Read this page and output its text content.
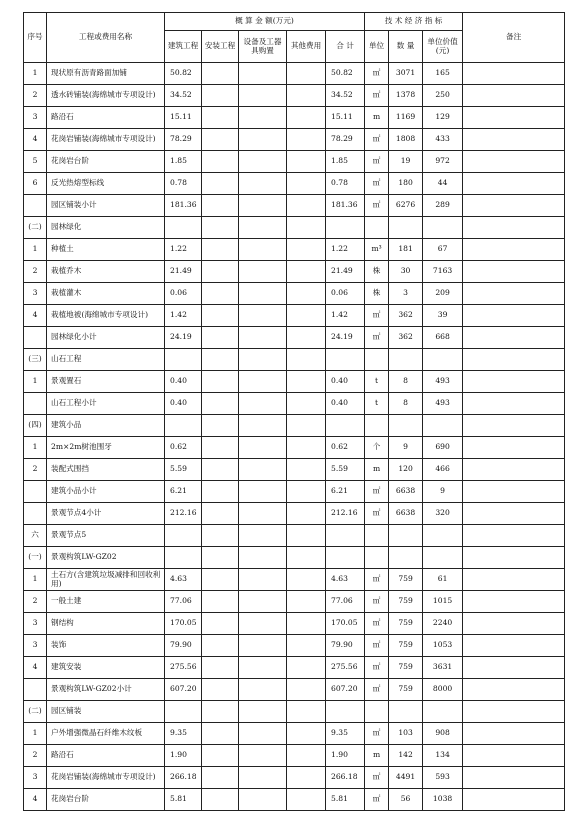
序号	工程或费用名称	概 算 金 额(万元)					技 术 经 济 指 标			备注
		建筑工程	安装工程	设备及工器具购置	其他费用	合 计	单位	数 量	单位价值(元)	
1	现状原有沥青路面加铺	50.82				50.82	㎡	3071	165	
2	透水砖铺装(海绵城市专项设计)	34.52				34.52	㎡	1378	250	
3	路沿石	15.11				15.11	m	1169	129	
4	花岗岩铺装(海绵城市专项设计)	78.29				78.29	㎡	1808	433	
5	花岗岩台阶	1.85				1.85	㎡	19	972	
6	反光热熔型标线	0.78				0.78	㎡	180	44	
	园区铺装小计	181.36				181.36	㎡	6276	289	
(二)	园林绿化									
1	种植土	1.22				1.22	m³	181	67	
2	栽植乔木	21.49				21.49	株	30	7163	
3	栽植灌木	0.06				0.06	株	3	209	
4	栽植地被(海绵城市专项设计)	1.42				1.42	㎡	362	39	
	园林绿化小计	24.19				24.19	㎡	362	668	
(三)	山石工程									
1	景观置石	0.40				0.40	t	8	493	
	山石工程小计	0.40				0.40	t	8	493	
(四)	建筑小品									
1	2m×2m树池围牙	0.62				0.62	个	9	690	
2	装配式围挡	5.59				5.59	m	120	466	
	建筑小品小计	6.21				6.21	㎡	6638	9	
	景观节点4小计	212.16				212.16	㎡	6638	320	
六	景观节点5									
(一)	景观构筑LW-GZ02									
1	土石方(含建筑垃圾减排和回收利用)	4.63				4.63	㎡	759	61	
2	一般土建	77.06				77.06	㎡	759	1015	
3	钢结构	170.05				170.05	㎡	759	2240	
3	装饰	79.90				79.90	㎡	759	1053	
4	建筑安装	275.56				275.56	㎡	759	3631	
	景观构筑LW-GZ02小计	607.20				607.20	㎡	759	8000	
(二)	园区铺装									
1	户外增强微晶石纤维木纹板	9.35				9.35	㎡	103	908	
2	路沿石	1.90				1.90	m	142	134	
3	花岗岩铺装(海绵城市专项设计)	266.18				266.18	㎡	4491	593	
4	花岗岩台阶	5.81				5.81	㎡	56	1038	
